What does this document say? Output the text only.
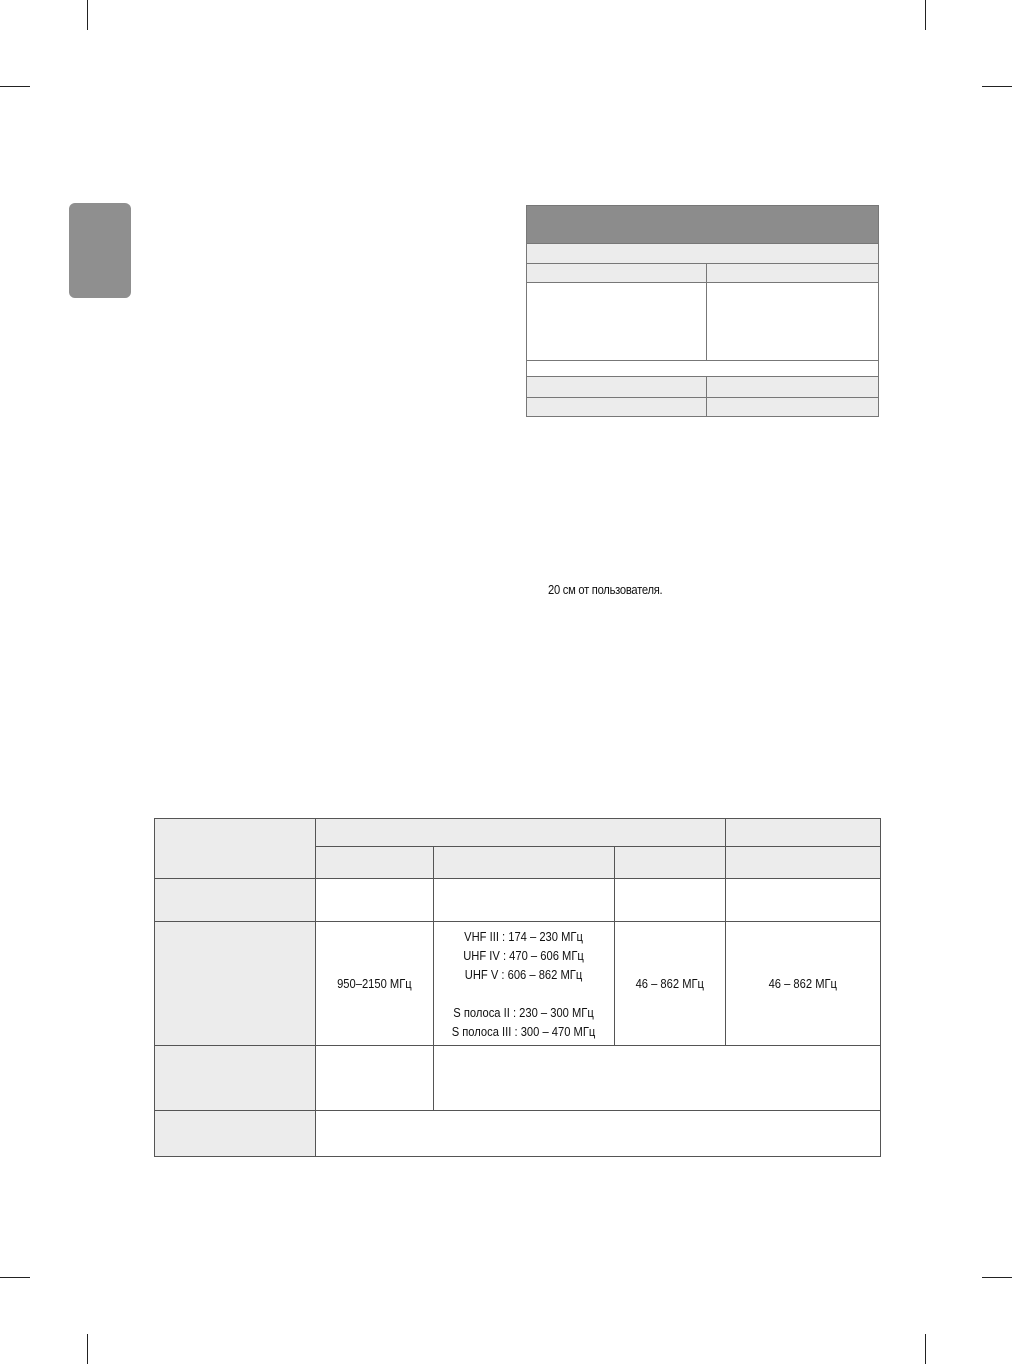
20 см от пользователя.

	950–2150 МГц	VHF III : 174 – 230 МГц
UHF IV : 470 – 606 МГц
UHF V : 606 – 862 МГц
S полоса II : 230 – 300 МГц
S полоса III : 300 – 470 МГц	46 – 862 МГц	46 – 862 МГц
